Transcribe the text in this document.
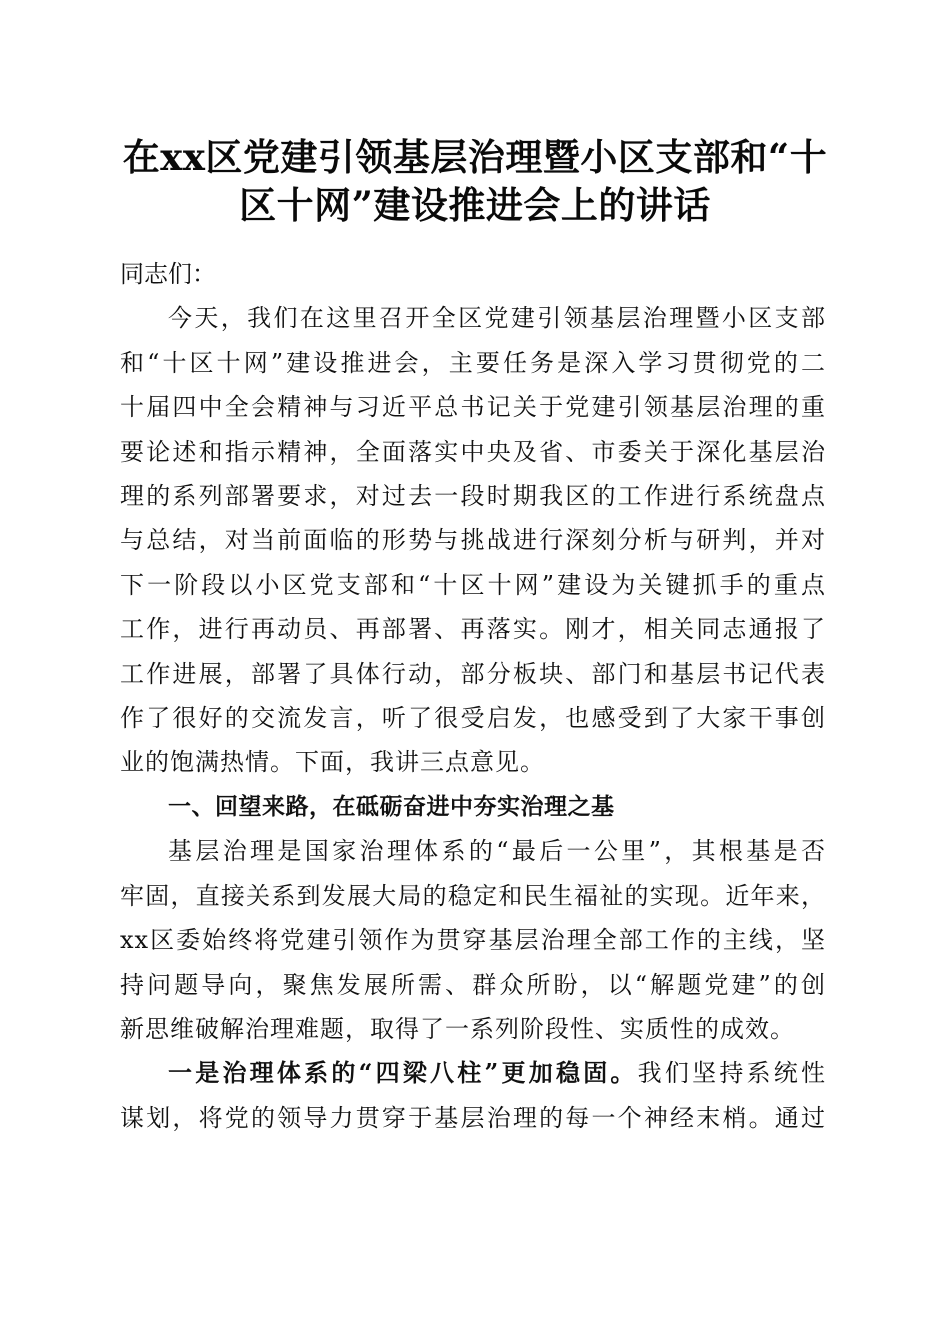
在xx区党建引领基层治理暨小区支部和“十
区十网”建设推进会上的讲话

同志们：

今天，我们在这里召开全区党建引领基层治理暨小区支部
和“十区十网”建设推进会，主要任务是深入学习贯彻党的二
十届四中全会精神与习近平总书记关于党建引领基层治理的重
要论述和指示精神，全面落实中央及省、市委关于深化基层治
理的系列部署要求，对过去一段时期我区的工作进行系统盘点
与总结，对当前面临的形势与挑战进行深刻分析与研判，并对
下一阶段以小区党支部和“十区十网”建设为关键抓手的重点
工作，进行再动员、再部署、再落实。刚才，相关同志通报了
工作进展，部署了具体行动，部分板块、部门和基层书记代表
作了很好的交流发言，听了很受启发，也感受到了大家干事创
业的饱满热情。下面，我讲三点意见。

一、回望来路，在砥砺奋进中夯实治理之基

基层治理是国家治理体系的“最后一公里”，其根基是否
牢固，直接关系到发展大局的稳定和民生福祉的实现。近年来，
xx区委始终将党建引领作为贯穿基层治理全部工作的主线，坚
持问题导向，聚焦发展所需、群众所盼，以“解题党建”的创
新思维破解治理难题，取得了一系列阶段性、实质性的成效。

一是治理体系的“四梁八柱”更加稳固。我们坚持系统性
谋划，将党的领导力贯穿于基层治理的每一个神经末梢。通过
